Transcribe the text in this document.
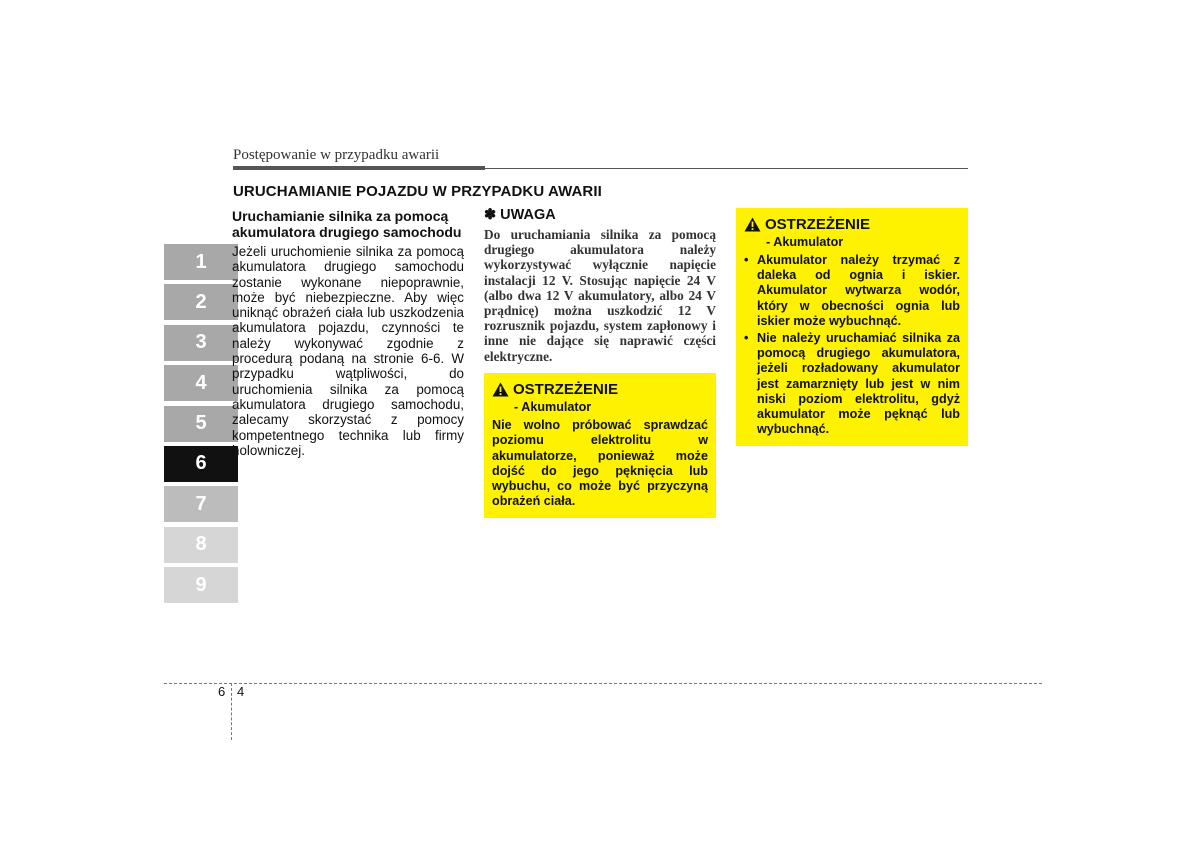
Postępowanie w przypadku awarii
URUCHAMIANIE POJAZDU W PRZYPADKU AWARII
1
2
3
4
5
6
7
8
9

Uruchamianie silnika za pomocą akumulatora drugiego samochodu

Jeżeli uruchomienie silnika za pomocą akumulatora drugiego samochodu zostanie wykonane niepoprawnie, może być niebezpieczne. Aby więc uniknąć obrażeń ciała lub uszkodzenia akumulatora pojazdu, czynności te należy wykonywać zgodnie z procedurą podaną na stronie 6-6. W przypadku wątpliwości, do uruchomienia silnika za pomocą akumulatora drugiego samochodu, zalecamy skorzystać z pomocy kompetentnego technika lub firmy holowniczej.

✽ UWAGA

Do uruchamiania silnika za pomocą drugiego akumulatora należy wykorzystywać wyłącznie napięcie instalacji 12 V. Stosując napięcie 24 V (albo dwa 12 V akumulatory, albo 24 V prądnicę) można uszkodzić 12 V rozrusznik pojazdu, system zapłonowy i inne nie dające się naprawić części elektryczne.

OSTRZEŻENIE
- Akumulator

Nie wolno próbować sprawdzać poziomu elektrolitu w akumulatorze, ponieważ może dojść do jego pęknięcia lub wybuchu, co może być przyczyną obrażeń ciała.

OSTRZEŻENIE
- Akumulator
• Akumulator należy trzymać z daleka od ognia i iskier. Akumulator wytwarza wodór, który w obecności ognia lub iskier może wybuchnąć.
• Nie należy uruchamiać silnika za pomocą drugiego akumulatora, jeżeli rozładowany akumulator jest zamarznięty lub jest w nim niski poziom elektrolitu, gdyż akumulator może pęknąć lub wybuchnąć.
6 4
